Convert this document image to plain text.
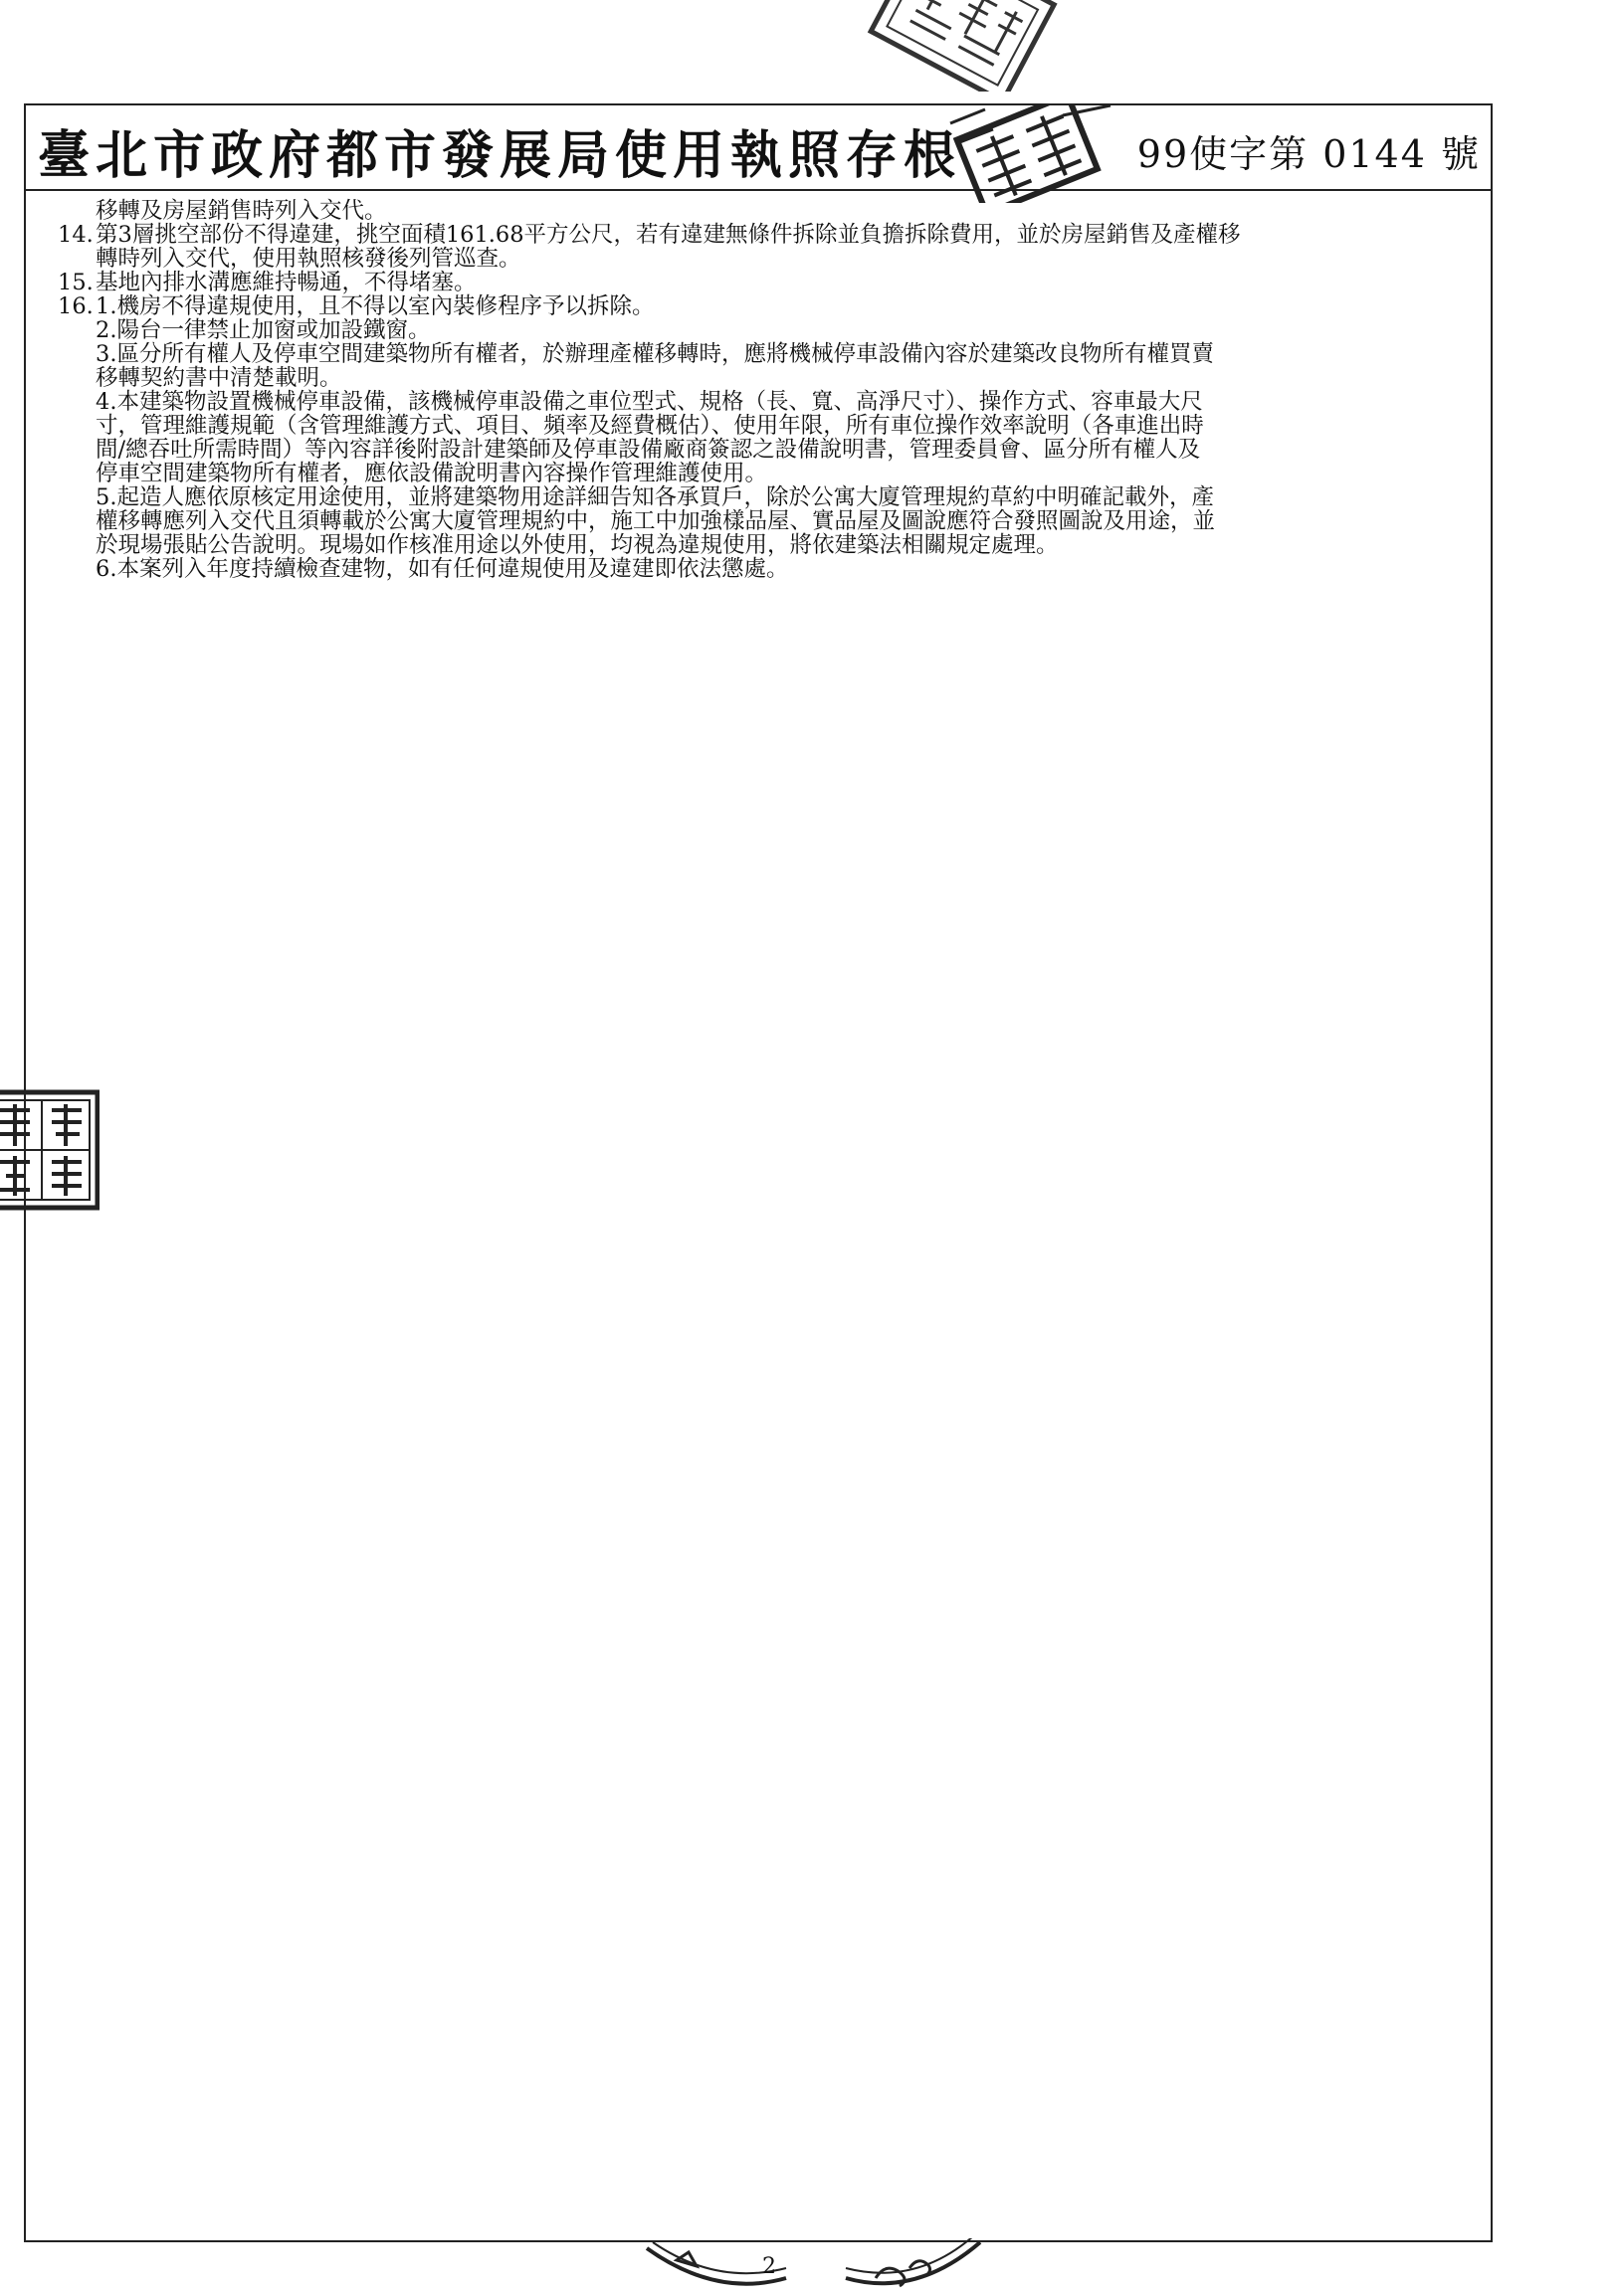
臺北市政府都市發展局使用執照存根	99使字第 0144 號
移轉及房屋銷售時列入交代。
14.第3層挑空部份不得違建，挑空面積161.68平方公尺，若有違建無條件拆除並負擔拆除費用，並於房屋銷售及產權移
轉時列入交代，使用執照核發後列管巡查。
15.基地內排水溝應維持暢通，不得堵塞。
16.1.機房不得違規使用，且不得以室內裝修程序予以拆除。
2.陽台一律禁止加窗或加設鐵窗。
3.區分所有權人及停車空間建築物所有權者，於辦理產權移轉時，應將機械停車設備內容於建築改良物所有權買賣
移轉契約書中清楚載明。
4.本建築物設置機械停車設備，該機械停車設備之車位型式、規格（長、寬、高淨尺寸）、操作方式、容車最大尺
寸，管理維護規範（含管理維護方式、項目、頻率及經費概估）、使用年限，所有車位操作效率說明（各車進出時
間/總吞吐所需時間）等內容詳後附設計建築師及停車設備廠商簽認之設備說明書，管理委員會、區分所有權人及
停車空間建築物所有權者，應依設備說明書內容操作管理維護使用。
5.起造人應依原核定用途使用，並將建築物用途詳細告知各承買戶，除於公寓大廈管理規約草約中明確記載外，產
權移轉應列入交代且須轉載於公寓大廈管理規約中，施工中加強樣品屋、實品屋及圖說應符合發照圖說及用途，並
於現場張貼公告說明。現場如作核准用途以外使用，均視為違規使用，將依建築法相關規定處理。
6.本案列入年度持續檢查建物，如有任何違規使用及違建即依法懲處。
2
